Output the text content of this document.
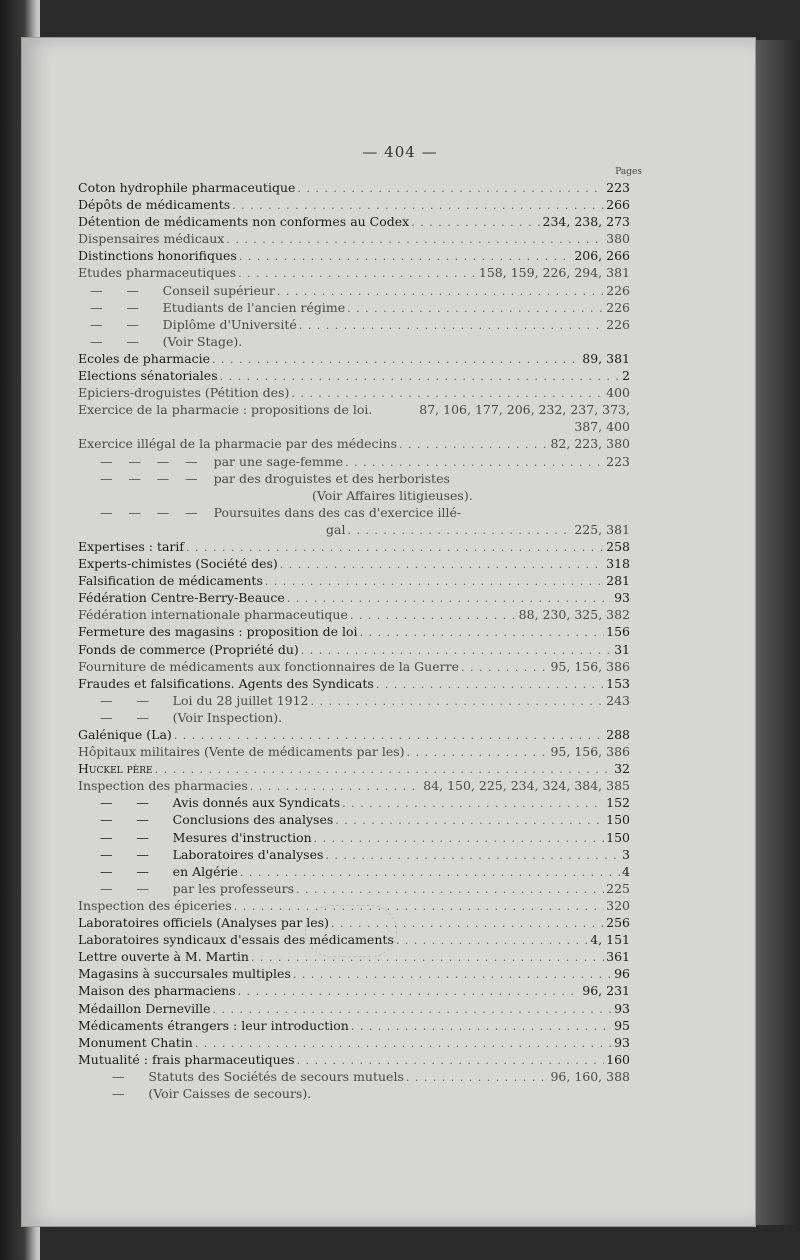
— 404 —
Pages
Coton hydrophile pharmaceutique . . .	223
Dépôts de médicaments . . .	266
Détention de médicaments non conformes au Codex . . .	234, 238, 273
Dispensaires médicaux . . .	380
Distinctions honorifiques . . .	206, 266
Etudes pharmaceutiques . . .	158, 159, 226, 294, 381
—      —      Conseil supérieur . . .	226
—      —      Etudiants de l'ancien régime . . .	226
—      —      Diplôme d'Université . . .	226
—      —      (Voir Stage).
Ecoles de pharmacie . . .	89, 381
Elections sénatoriales . . .	2
Epiciers-droguistes (Pétition des) . . .	400
Exercice de la pharmacie : propositions de loi.	87, 106, 177, 206, 232, 237, 373,
387, 400
Exercice illégal de la pharmacie par des médecins . . .	82, 223, 380
—    —    —    —    par une sage-femme . . .	223
—    —    —    —    par des droguistes et des herboristes
(Voir Affaires litigieuses).
—    —    —    —    Poursuites dans des cas d'exercice illé-
gal . . .	225, 381
Expertises : tarif . . .	258
Experts-chimistes (Société des) . . .	318
Falsification de médicaments . . .	281
Fédération Centre-Berry-Beauce . . .	93
Fédération internationale pharmaceutique . . .	88, 230, 325, 382
Fermeture des magasins : proposition de loi . . .	156
Fonds de commerce (Propriété du) . . .	31
Fourniture de médicaments aux fonctionnaires de la Guerre . . .	95, 156, 386
Fraudes et falsifications. Agents des Syndicats . . .	153
—      —      Loi du 28 juillet 1912 . . .	243
—      —      (Voir Inspection).
Galénique (La) . . .	288
Hôpitaux militaires (Vente de médicaments par les) . . .	95, 156, 386
Huckel père . . .	32
Inspection des pharmacies . . .	84, 150, 225, 234, 324, 384, 385
—      —      Avis donnés aux Syndicats . . .	152
—      —      Conclusions des analyses . . .	150
—      —      Mesures d'instruction . . .	150
—      —      Laboratoires d'analyses . . .	3
—      —      en Algérie . . .	4
—      —      par les professeurs . . .	225
Inspection des épiceries . . .	320
Laboratoires officiels (Analyses par les) . . .	256
Laboratoires syndicaux d'essais des médicaments . . .	4, 151
Lettre ouverte à M. Martin . . .	361
Magasins à succursales multiples . . .	96
Maison des pharmaciens . . .	96, 231
Médaillon Derneville . . .	93
Médicaments étrangers : leur introduction . . .	95
Monument Chatin . . .	93
Mutualité : frais pharmaceutiques . . .	160
—      Statuts des Sociétés de secours mutuels . . .	96, 160, 388
—      (Voir Caisses de secours).
